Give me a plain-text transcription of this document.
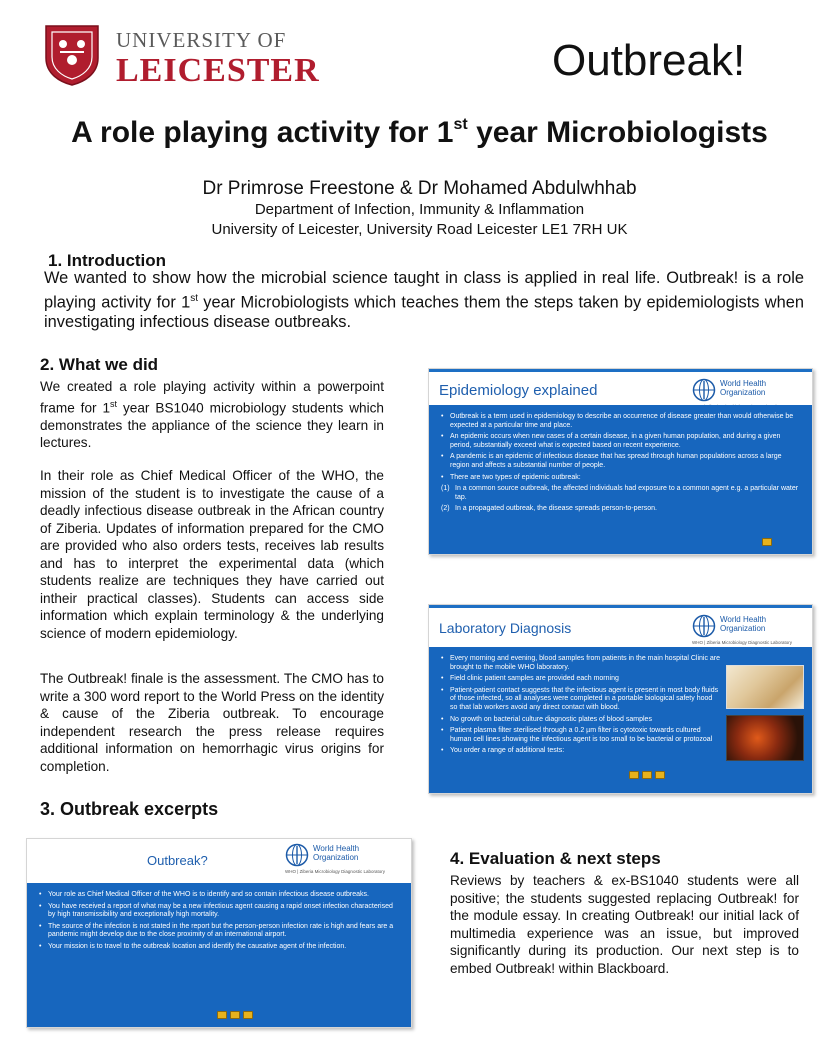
UNIVERSITY OF
LEICESTER	Outbreak!
A role playing activity for 1st year Microbiologists
Dr Primrose Freestone & Dr Mohamed Abdulwhhab
Department of Infection, Immunity & Inflammation
University of Leicester, University Road Leicester LE1 7RH UK
1. Introduction
We wanted to show how the microbial science taught in class is applied in real life. Outbreak! is a role playing activity for 1st year Microbiologists which teaches them the steps taken by epidemiologists when investigating infectious disease outbreaks.
2. What we did
We created a role playing activity within a powerpoint frame for 1st year BS1040 microbiology students which demonstrates the appliance of the science they learn in lectures.
In their role as Chief Medical Officer of the WHO, the mission of the student is to investigate the cause of a deadly infectious disease outbreak in the African country of Ziberia. Updates of information prepared for the CMO are provided who also orders tests, receives lab results and has to interpret the experimental data (which students realize are techniques they have carried out intheir practical classes). Students can access side information which explain terminology & the underlying science of modern epidemiology.
The Outbreak! finale is the assessment. The CMO has to write a 300 word report to the World Press on the identity & cause of the Ziberia outbreak. To encourage independent research the press release requires additional information on hemorrhagic virus origins for completion.
3. Outbreak excerpts
4. Evaluation & next steps
Reviews by teachers & ex-BS1040 students were all positive; the students suggested replacing Outbreak! for the module essay. In creating Outbreak! our initial lack of multimedia experience was an issue, but improved significantly during its production. Our next step is to embed Outbreak! within Blackboard.
Epidemiology explained	World Health Organization
• Outbreak is a term used in epidemiology to describe an occurrence of disease greater than would otherwise be expected at a particular time and place.
• An epidemic occurs when new cases of a certain disease, in a given human population, and during a given period, substantially exceed what is expected based on recent experience.
• A pandemic is an epidemic of infectious disease that has spread through human populations across a large region and affects a substantial number of people.
• There are two types of epidemic outbreak:
(1) In a common source outbreak, the affected individuals had exposure to a common agent e.g. a particular water tap.
(2) In a propagated outbreak, the disease spreads person-to-person.
Laboratory Diagnosis
World Health Organization
WHO | Ziberia Microbiology Diagnostic Laboratory
• Every morning and evening, blood samples from patients in the main hospital Clinic are brought to the mobile WHO laboratory.
• Field clinic patient samples are provided each morning
• Patient-patient contact suggests that the infectious agent is present in most body fluids of those infected, so all analyses were completed in a portable biological safety hood so that lab workers avoid any direct contact with blood.
• No growth on bacterial culture diagnostic plates of blood samples
• Patient plasma filter sterilised through a 0.2 µm filter is cytotoxic towards cultured human cell lines showing the infectious agent is too small to be bacterial or protozoal
• You order a range of additional tests:
Outbreak?
World Health Organization
WHO | Ziberia Microbiology Diagnostic Laboratory
• Your role as Chief Medical Officer of the WHO is to identify and so contain infectious disease outbreaks.
• You have received a report of what may be a new infectious agent causing a rapid onset infection characterised by high transmissibility and exceptionally high mortality.
• The source of the infection is not stated in the report but the person-person infection rate is high and fears are a pandemic might develop due to the close proximity of an international airport.
• Your mission is to travel to the outbreak location and identify the causative agent of the infection.
